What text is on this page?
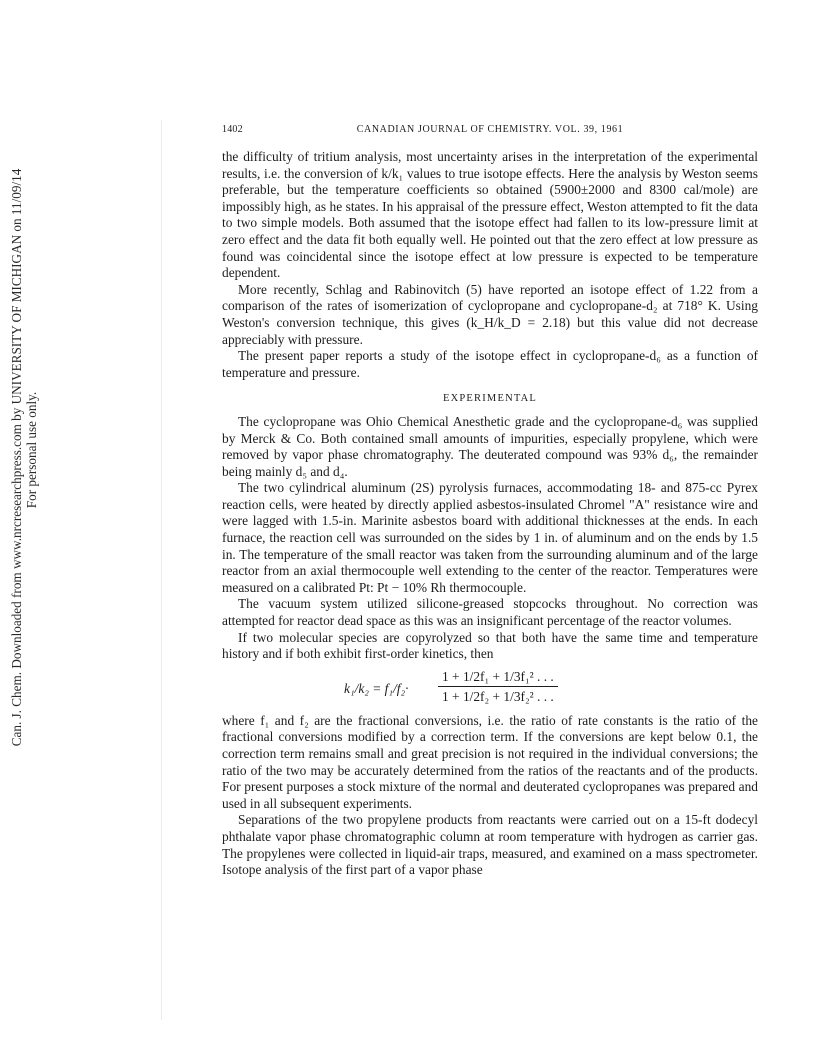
Can. J. Chem. Downloaded from www.nrcresearchpress.com by UNIVERSITY OF MICHIGAN on 11/09/14 For personal use only.
1402	CANADIAN JOURNAL OF CHEMISTRY. VOL. 39, 1961

the difficulty of tritium analysis, most uncertainty arises in the interpretation of the experimental results, i.e. the conversion of k/k₁ values to true isotope effects. Here the analysis by Weston seems preferable, but the temperature coefficients so obtained (5900±2000 and 8300 cal/mole) are impossibly high, as he states. In his appraisal of the pressure effect, Weston attempted to fit the data to two simple models. Both assumed that the isotope effect had fallen to its low-pressure limit at zero effect and the data fit both equally well. He pointed out that the zero effect at low pressure as found was coincidental since the isotope effect at low pressure is expected to be temperature dependent.

More recently, Schlag and Rabinovitch (5) have reported an isotope effect of 1.22 from a comparison of the rates of isomerization of cyclopropane and cyclopropane-d₂ at 718° K. Using Weston's conversion technique, this gives (k_H/k_D = 2.18) but this value did not decrease appreciably with pressure.

The present paper reports a study of the isotope effect in cyclopropane-d₆ as a function of temperature and pressure.

EXPERIMENTAL

The cyclopropane was Ohio Chemical Anesthetic grade and the cyclopropane-d₆ was supplied by Merck & Co. Both contained small amounts of impurities, especially propylene, which were removed by vapor phase chromatography. The deuterated compound was 93% d₆, the remainder being mainly d₅ and d₄.

The two cylindrical aluminum (2S) pyrolysis furnaces, accommodating 18- and 875-cc Pyrex reaction cells, were heated by directly applied asbestos-insulated Chromel "A" resistance wire and were lagged with 1.5-in. Marinite asbestos board with additional thicknesses at the ends. In each furnace, the reaction cell was surrounded on the sides by 1 in. of aluminum and on the ends by 1.5 in. The temperature of the small reactor was taken from the surrounding aluminum and of the large reactor from an axial thermocouple well extending to the center of the reactor. Temperatures were measured on a calibrated Pt: Pt − 10% Rh thermocouple.

The vacuum system utilized silicone-greased stopcocks throughout. No correction was attempted for reactor dead space as this was an insignificant percentage of the reactor volumes.

If two molecular species are copyrolyzed so that both have the same time and temperature history and if both exhibit first-order kinetics, then

k₁/k₂ = f₁/f₂·
1 + 1/2f₁ + 1/3f₁² . . .
1 + 1/2f₂ + 1/3f₂² . . .

where f₁ and f₂ are the fractional conversions, i.e. the ratio of rate constants is the ratio of the fractional conversions modified by a correction term. If the conversions are kept below 0.1, the correction term remains small and great precision is not required in the individual conversions; the ratio of the two may be accurately determined from the ratios of the reactants and of the products. For present purposes a stock mixture of the normal and deuterated cyclopropanes was prepared and used in all subsequent experiments.

Separations of the two propylene products from reactants were carried out on a 15-ft dodecyl phthalate vapor phase chromatographic column at room temperature with hydrogen as carrier gas. The propylenes were collected in liquid-air traps, measured, and examined on a mass spectrometer. Isotope analysis of the first part of a vapor phase
